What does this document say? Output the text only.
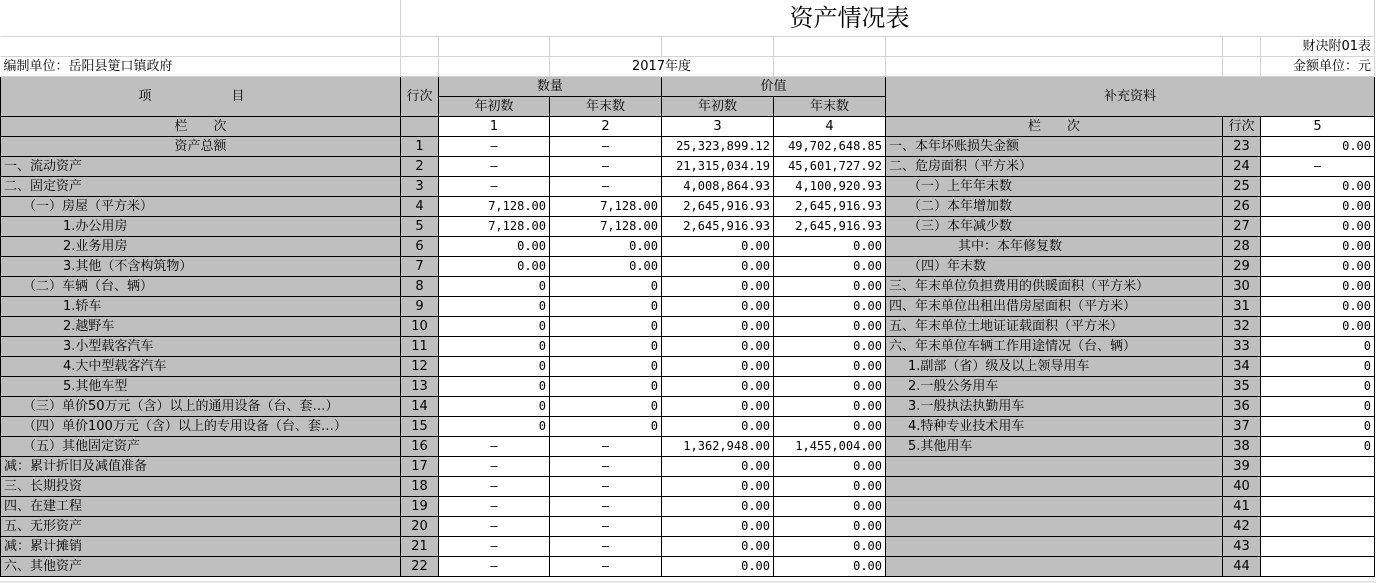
		资产情况表						
								财决附01表
编制单位：岳阳县筻口镇政府			2017年度					金额单位：元
项　　目	行次	数量		价值		补充资料		
		年初数	年末数	年初数	年末数			
栏　　次		1	2	3	4	栏　　次	行次	5
资产总额	1	—	—	25,323,899.12	49,702,648.85	一、本年坏账损失金额	23	0.00
一、流动资产	2	—	—	21,315,034.19	45,601,727.92	二、危房面积（平方米）	24	—
二、固定资产	3	—	—	4,008,864.93	4,100,920.93	（一）上年年末数	25	0.00
（一）房屋（平方米）	4	7,128.00	7,128.00	2,645,916.93	2,645,916.93	（二）本年增加数	26	0.00
1.办公用房	5	7,128.00	7,128.00	2,645,916.93	2,645,916.93	（三）本年减少数	27	0.00
2.业务用房	6	0.00	0.00	0.00	0.00	其中：本年修复数	28	0.00
3.其他（不含构筑物）	7	0.00	0.00	0.00	0.00	（四）年末数	29	0.00
（二）车辆（台、辆）	8	0	0	0.00	0.00	三、年末单位负担费用的供暖面积（平方米）	30	0.00
1.轿车	9	0	0	0.00	0.00	四、年末单位出租出借房屋面积（平方米）	31	0.00
2.越野车	10	0	0	0.00	0.00	五、年末单位土地证证载面积（平方米）	32	0.00
3.小型载客汽车	11	0	0	0.00	0.00	六、年末单位车辆工作用途情况（台、辆）	33	0
4.大中型载客汽车	12	0	0	0.00	0.00	1.副部（省）级及以上领导用车	34	0
5.其他车型	13	0	0	0.00	0.00	2.一般公务用车	35	0
（三）单价50万元（含）以上的通用设备（台、套…）	14	0	0	0.00	0.00	3.一般执法执勤用车	36	0
（四）单价100万元（含）以上的专用设备（台、套…）	15	0	0	0.00	0.00	4.特种专业技术用车	37	0
（五）其他固定资产	16	—	—	1,362,948.00	1,455,004.00	5.其他用车	38	0
减：累计折旧及减值准备	17	—	—	0.00	0.00		39	
三、长期投资	18	—	—	0.00	0.00		40	
四、在建工程	19	—	—	0.00	0.00		41	
五、无形资产	20	—	—	0.00	0.00		42	
减：累计摊销	21	—	—	0.00	0.00		43	
六、其他资产	22	—	—	0.00	0.00		44	
